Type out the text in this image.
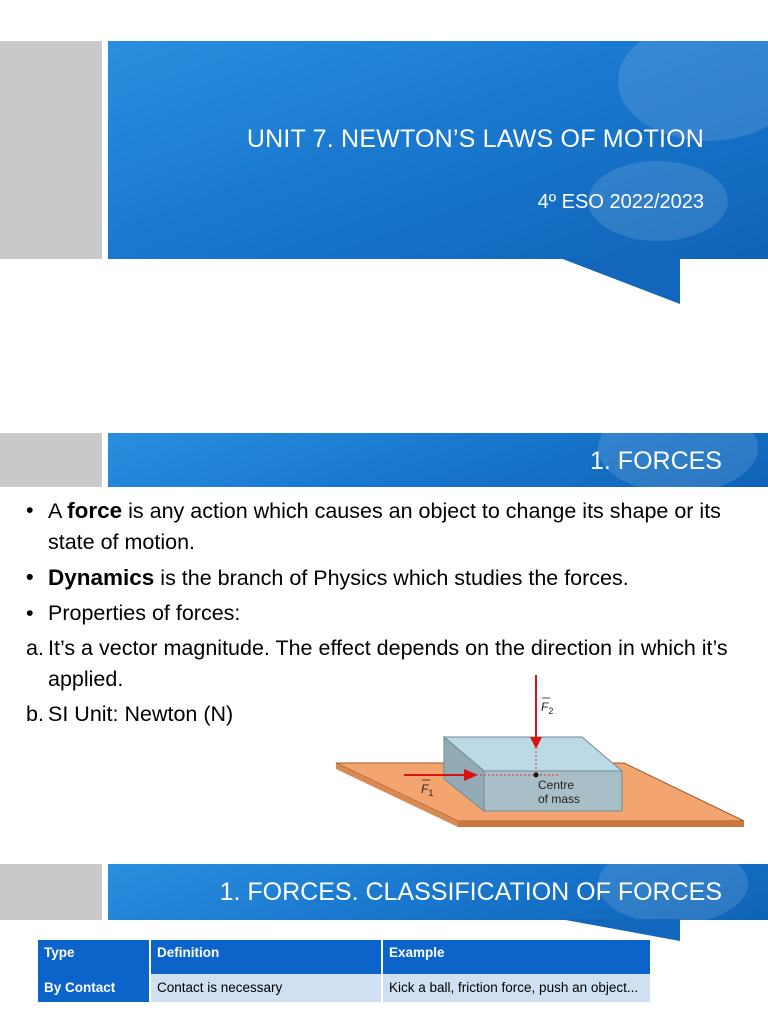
UNIT 7. NEWTON’S LAWS OF MOTION
4º ESO 2022/2023
1. FORCES
• A force is any action which causes an object to change its shape or its state of motion.
• Dynamics is the branch of Physics which studies the forces.
• Properties of forces:
a. It’s a vector magnitude. The effect depends on the direction in which it’s applied.
b. SI Unit: Newton (N)	$F_2$
$F_1$
Centre
of mass
1. FORCES. CLASSIFICATION OF FORCES
Type	Definition	Example
By Contact	Contact is necessary	Kick a ball, friction force, push an object...
